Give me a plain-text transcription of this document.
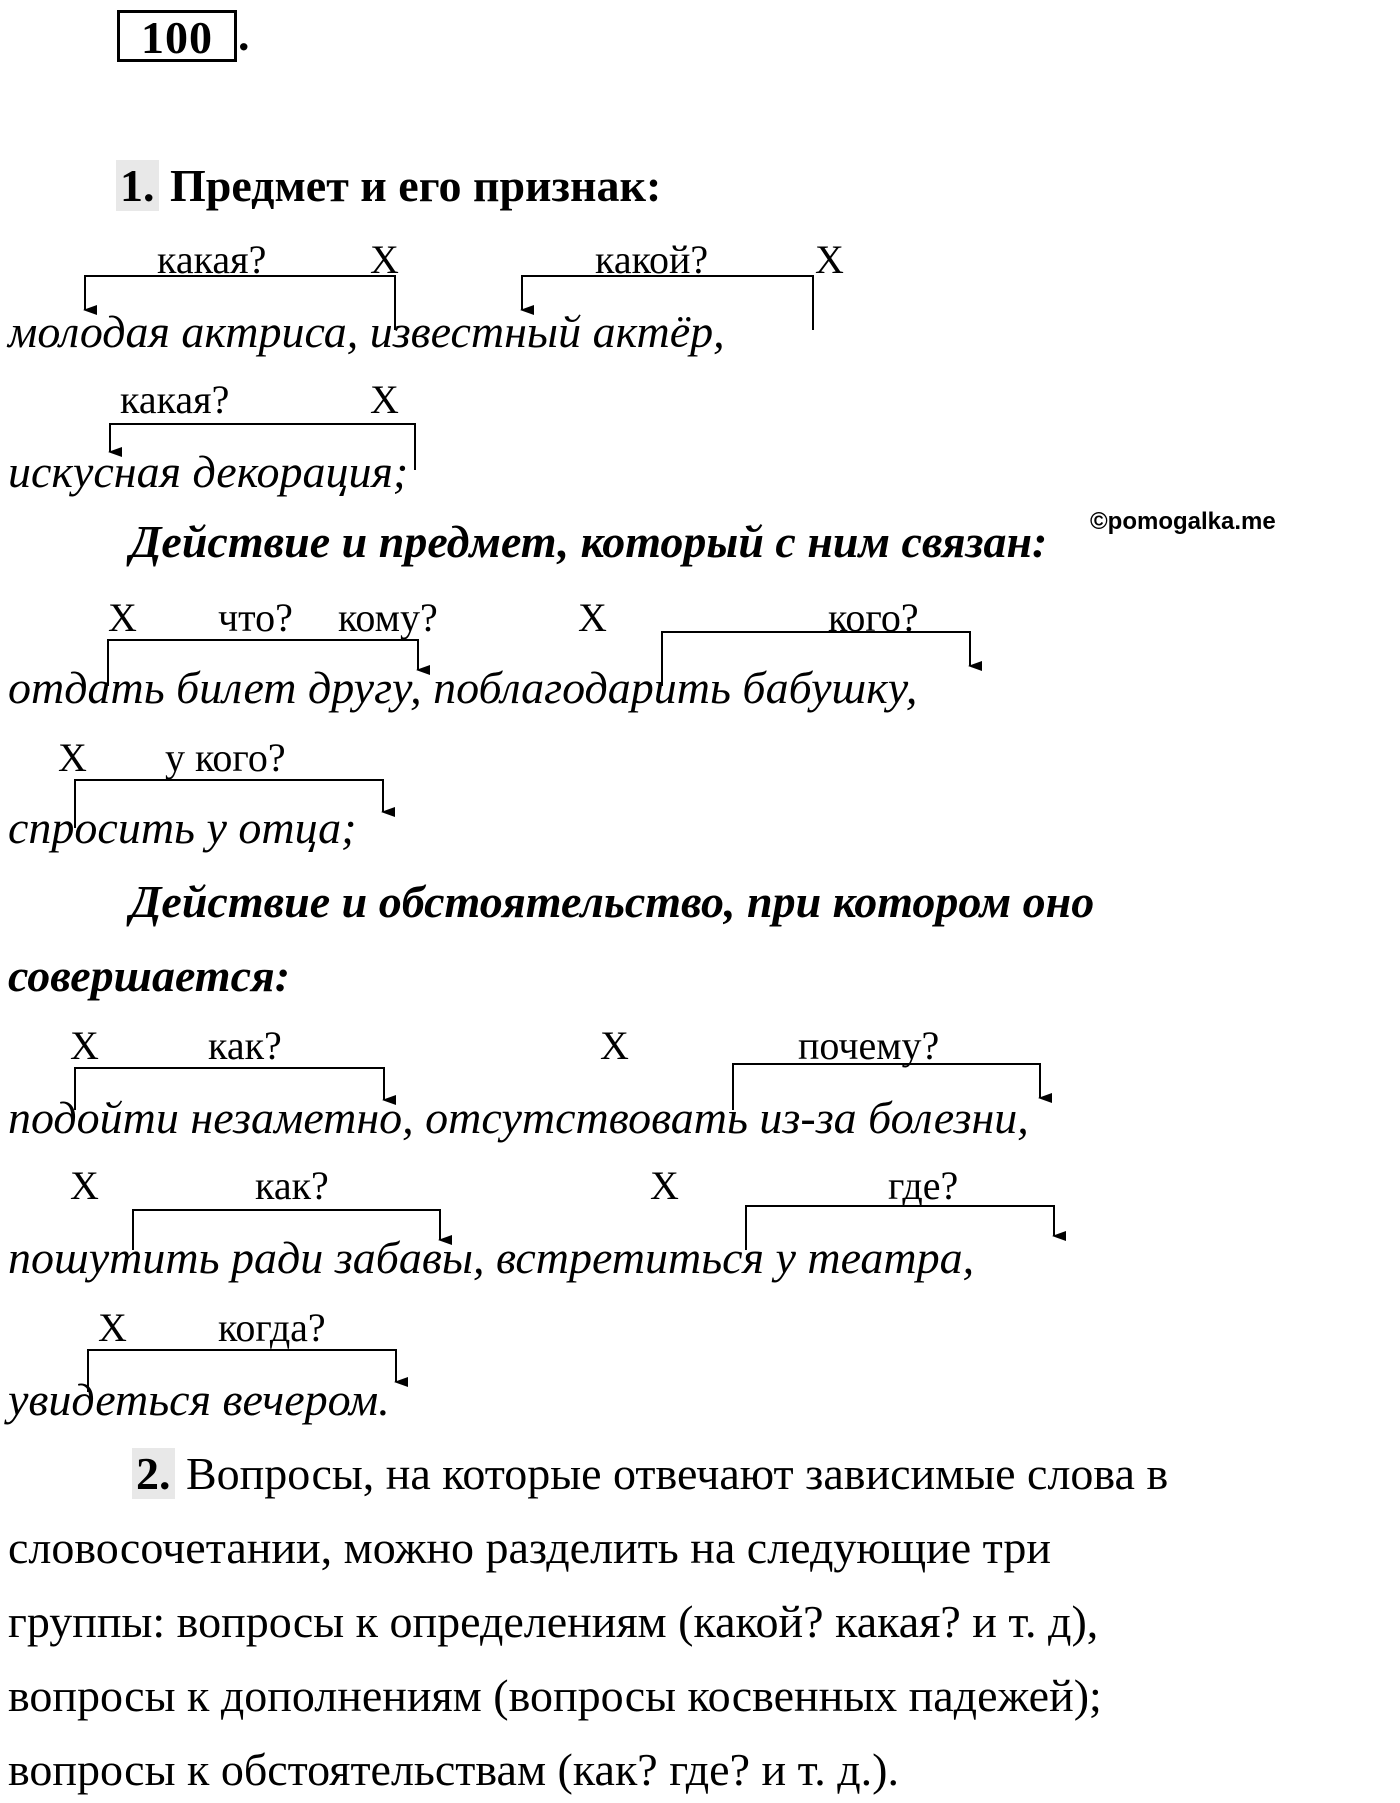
100 .
1. Предмет и его признак:
какая?	Х	какой?	Х
молодая актриса, известный актёр,
какая?	Х
искусная декорация;
©pomogalka.me
Действие и предмет, который с ним связан:
Х что? кому?	Х	кого?
отдать билет другу, поблагодарить бабушку,
Х у кого?
спросить у отца;
Действие и обстоятельство, при котором оно
совершается:
Х	как?	Х	почему?
подойти незаметно, отсутствовать из-за болезни,
Х	как?	Х	где?
пошутить ради забавы, встретиться у театра,
Х когда?
увидеться вечером.
2. Вопросы, на которые отвечают зависимые слова в
словосочетании, можно разделить на следующие три
группы: вопросы к определениям (какой? какая? и т. д),
вопросы к дополнениям (вопросы косвенных падежей);
вопросы к обстоятельствам (как? где? и т. д.).
